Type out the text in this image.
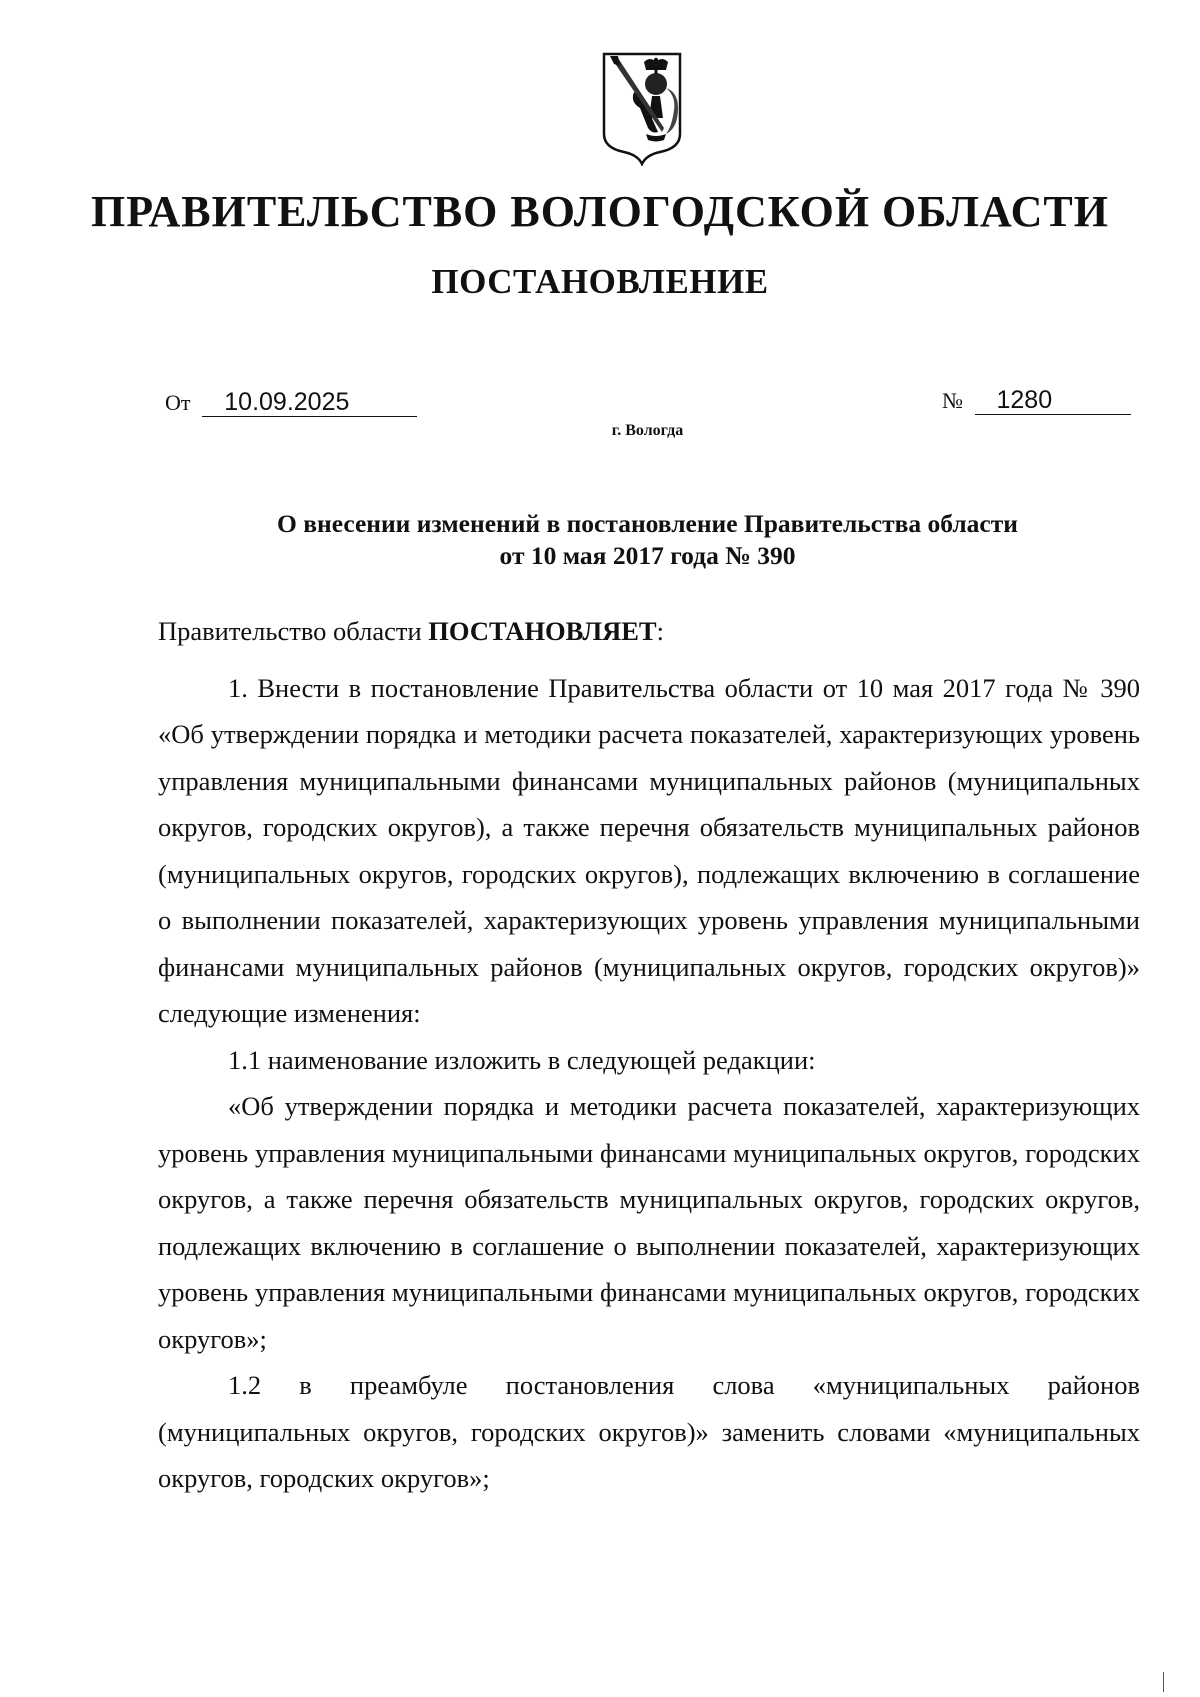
ПРАВИТЕЛЬСТВО ВОЛОГОДСКОЙ ОБЛАСТИ
ПОСТАНОВЛЕНИЕ
От 10.09.2025	№ 1280
г. Вологда
О внесении изменений в постановление Правительства области
от 10 мая 2017 года № 390

Правительство области ПОСТАНОВЛЯЕТ:

1. Внести в постановление Правительства области от 10 мая 2017 года № 390 «Об утверждении порядка и методики расчета показателей, характеризующих уровень управления муниципальными финансами муниципальных районов (муниципальных округов, городских округов), а также перечня обязательств муниципальных районов (муниципальных округов, городских округов), подлежащих включению в соглашение о выполнении показателей, характеризующих уровень управления муниципальными финансами муниципальных районов (муниципальных округов, городских округов)» следующие изменения:

1.1 наименование изложить в следующей редакции:

«Об утверждении порядка и методики расчета показателей, характеризующих уровень управления муниципальными финансами муниципальных округов, городских округов, а также перечня обязательств муниципальных округов, городских округов, подлежащих включению в соглашение о выполнении показателей, характеризующих уровень управления муниципальными финансами муниципальных округов, городских округов»;

1.2 в преамбуле постановления слова «муниципальных районов (муниципальных округов, городских округов)» заменить словами «муниципальных округов, городских округов»;
